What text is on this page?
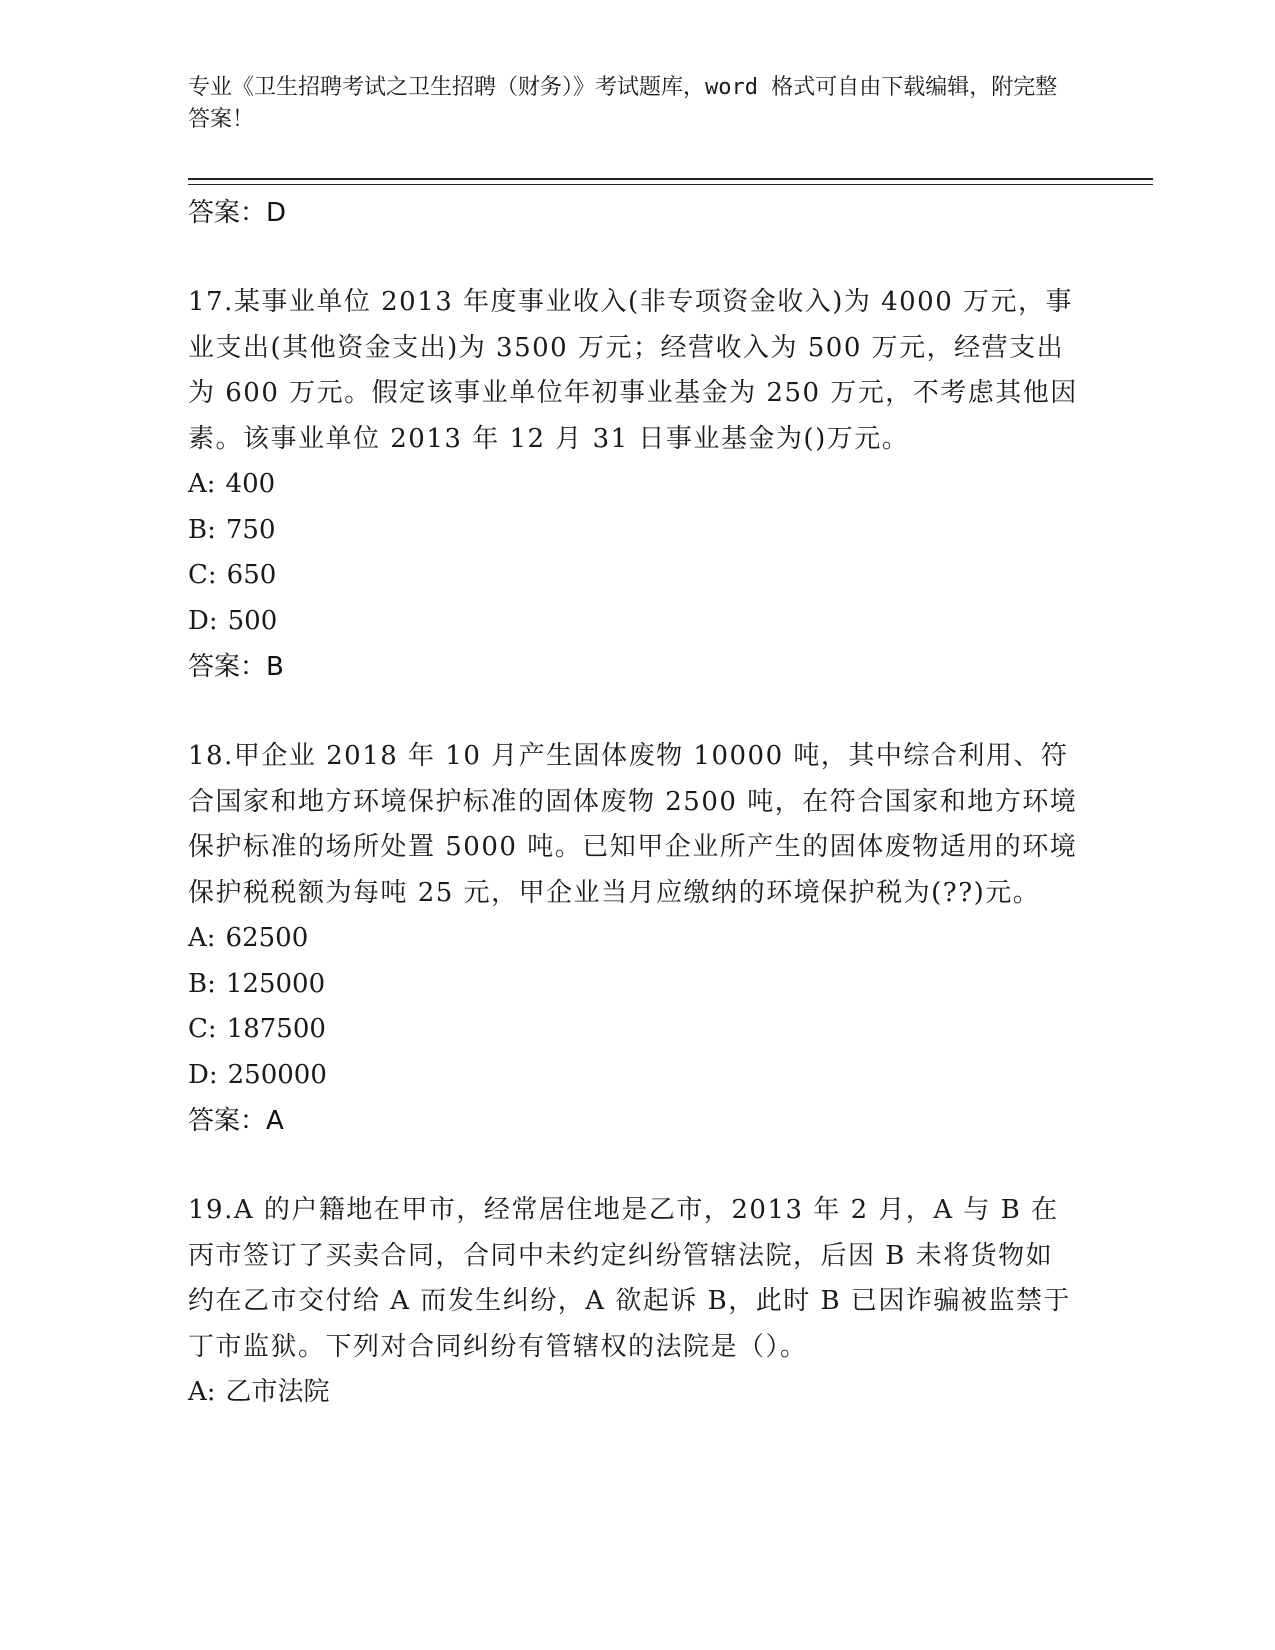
专业《卫生招聘考试之卫生招聘（财务）》考试题库，word 格式可自由下载编辑，附完整答案！
答案：D
17.某事业单位 2013 年度事业收入(非专项资金收入)为 4000 万元，事业支出(其他资金支出)为 3500 万元；经营收入为 500 万元，经营支出为 600 万元。假定该事业单位年初事业基金为 250 万元，不考虑其他因素。该事业单位 2013 年 12 月 31 日事业基金为()万元。
A: 400
B: 750
C: 650
D: 500
答案：B
18.甲企业 2018 年 10 月产生固体废物 10000 吨，其中综合利用、符合国家和地方环境保护标准的固体废物 2500 吨，在符合国家和地方环境保护标准的场所处置 5000 吨。已知甲企业所产生的固体废物适用的环境保护税税额为每吨 25 元，甲企业当月应缴纳的环境保护税为(??)元。
A: 62500
B: 125000
C: 187500
D: 250000
答案：A
19.A 的户籍地在甲市，经常居住地是乙市，2013 年 2 月，A 与 B 在丙市签订了买卖合同，合同中未约定纠纷管辖法院，后因 B 未将货物如约在乙市交付给 A 而发生纠纷，A 欲起诉 B，此时 B 已因诈骗被监禁于丁市监狱。下列对合同纠纷有管辖权的法院是（）。
A: 乙市法院
